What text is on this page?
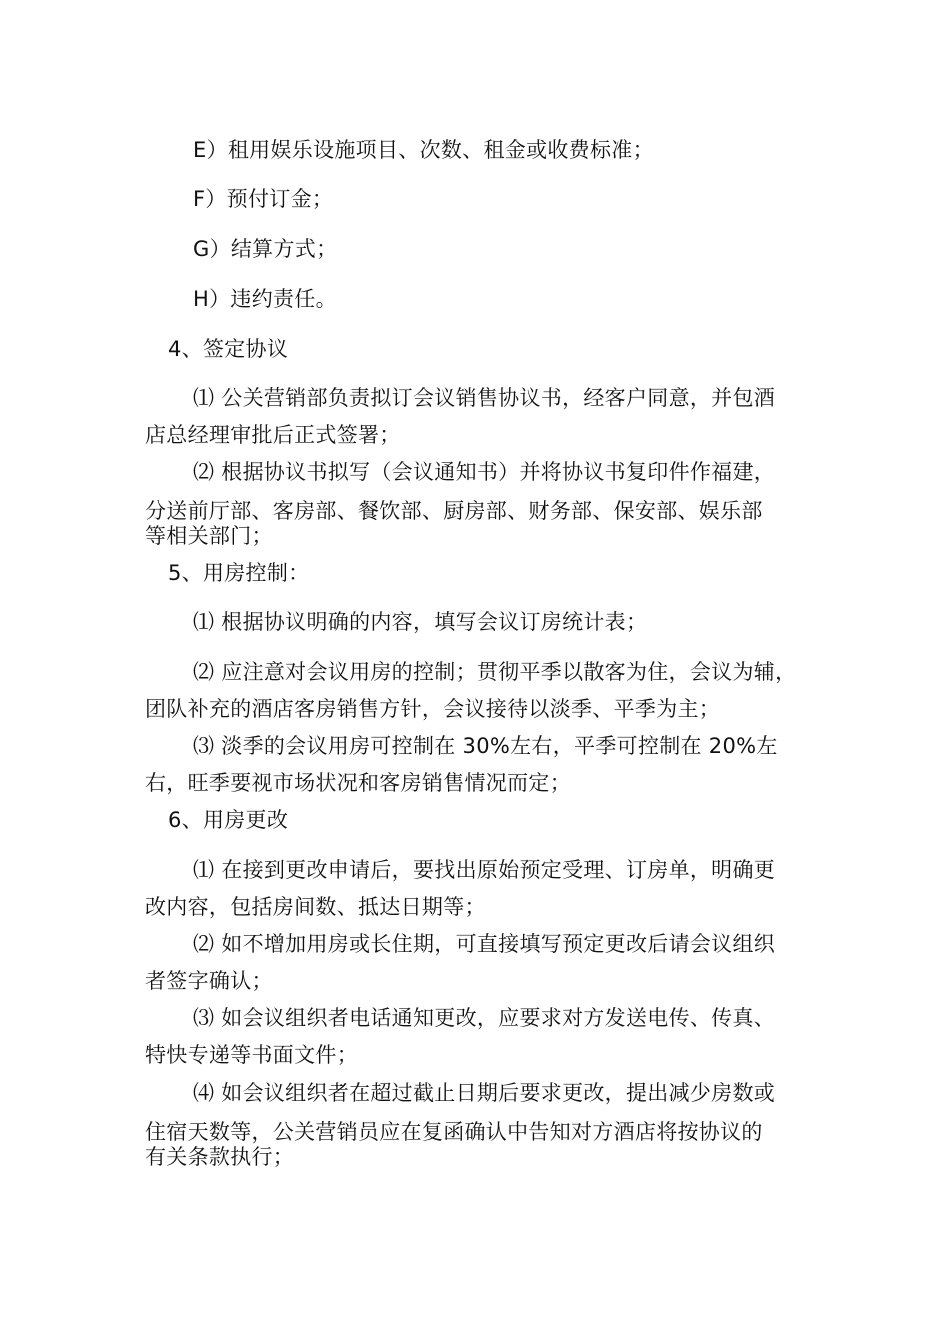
E）租用娱乐设施项目、次数、租金或收费标准；
F）预付订金；
G）结算方式；
H）违约责任。
4、签定协议
⑴ 公关营销部负责拟订会议销售协议书，经客户同意，并包酒
店总经理审批后正式签署；
⑵ 根据协议书拟写（会议通知书）并将协议书复印件作福建，
分送前厅部、客房部、餐饮部、厨房部、财务部、保安部、娱乐部
等相关部门；
5、用房控制：
⑴ 根据协议明确的内容，填写会议订房统计表；
⑵ 应注意对会议用房的控制；贯彻平季以散客为住，会议为辅，
团队补充的酒店客房销售方针，会议接待以淡季、平季为主；
⑶ 淡季的会议用房可控制在 30%左右，平季可控制在 20%左
右，旺季要视市场状况和客房销售情况而定；
6、用房更改
⑴ 在接到更改申请后，要找出原始预定受理、订房单，明确更
改内容，包括房间数、抵达日期等；
⑵ 如不增加用房或长住期，可直接填写预定更改后请会议组织
者签字确认；
⑶ 如会议组织者电话通知更改，应要求对方发送电传、传真、
特快专递等书面文件；
⑷ 如会议组织者在超过截止日期后要求更改，提出减少房数或
住宿天数等，公关营销员应在复函确认中告知对方酒店将按协议的
有关条款执行；
